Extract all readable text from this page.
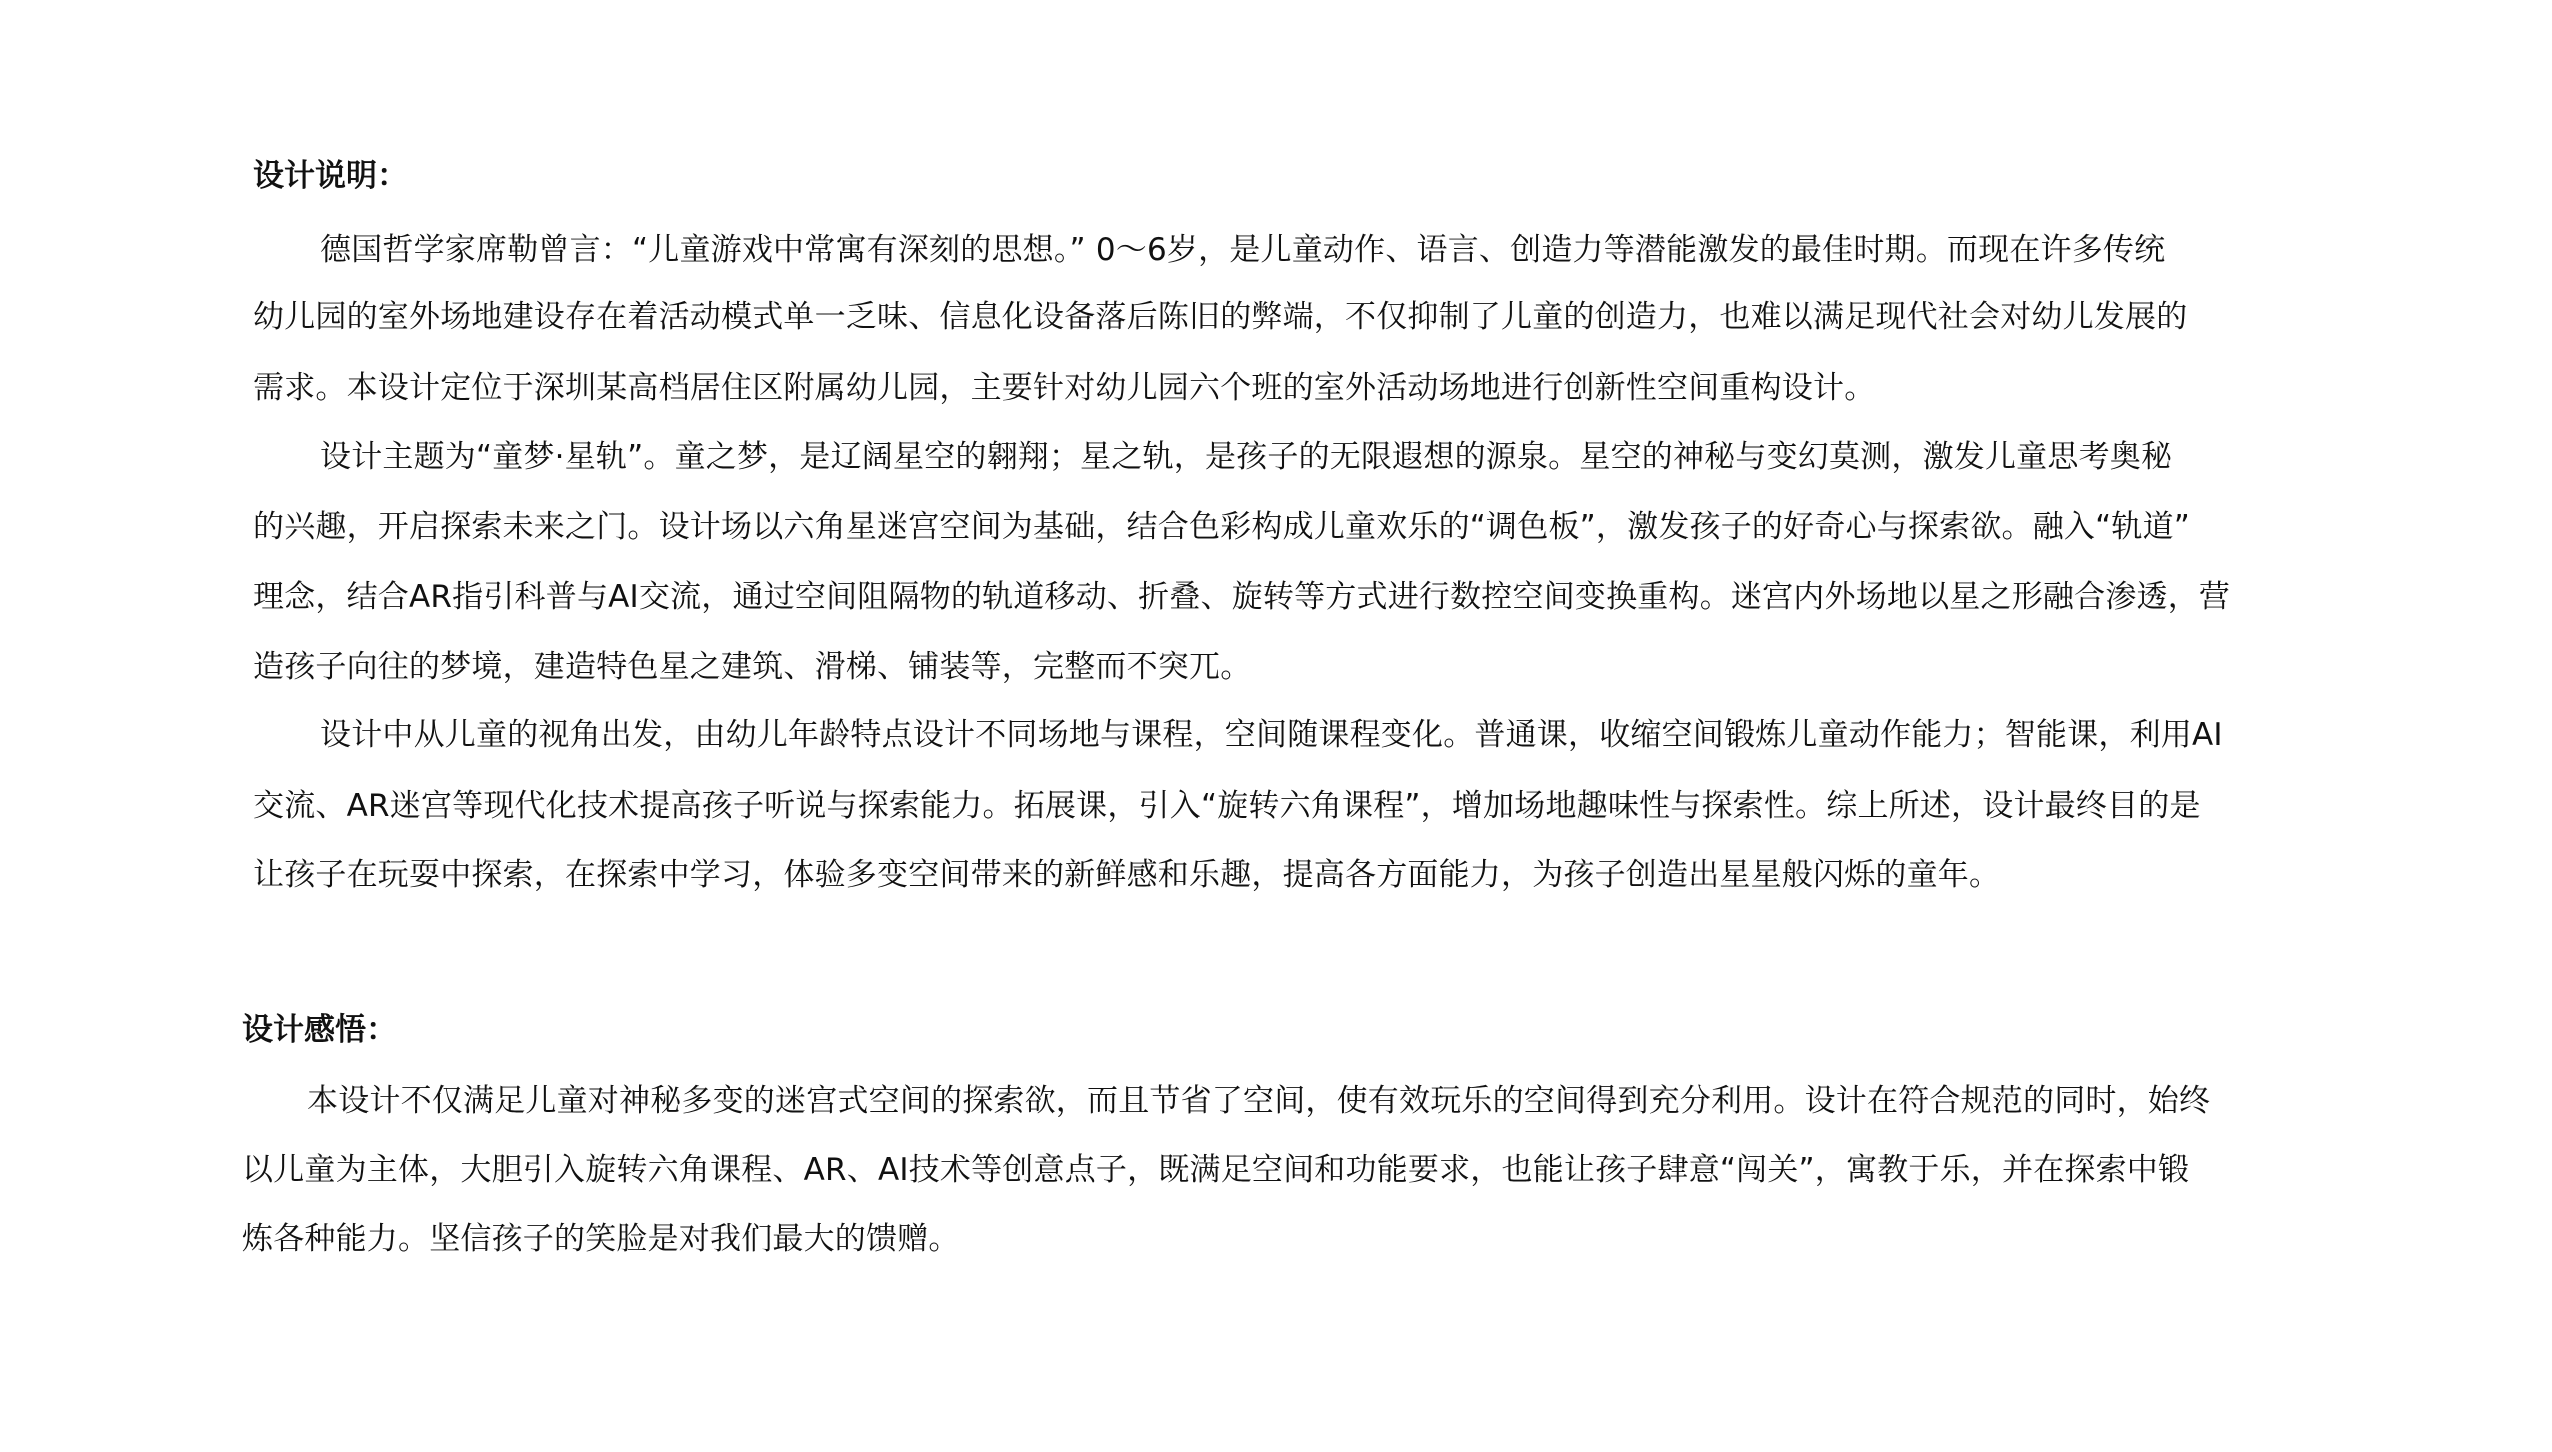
设计说明：
德国哲学家席勒曾言：“儿童游戏中常寓有深刻的思想。” 0～6岁，是儿童动作、语言、创造力等潜能激发的最佳时期。而现在许多传统
幼儿园的室外场地建设存在着活动模式单一乏味、信息化设备落后陈旧的弊端，不仅抑制了儿童的创造力，也难以满足现代社会对幼儿发展的
需求。本设计定位于深圳某高档居住区附属幼儿园，主要针对幼儿园六个班的室外活动场地进行创新性空间重构设计。
设计主题为“童梦·星轨”。童之梦，是辽阔星空的翱翔；星之轨，是孩子的无限遐想的源泉。星空的神秘与变幻莫测，激发儿童思考奥秘
的兴趣，开启探索未来之门。设计场以六角星迷宫空间为基础，结合色彩构成儿童欢乐的“调色板”，激发孩子的好奇心与探索欲。融入“轨道”
理念，结合AR指引科普与AI交流，通过空间阻隔物的轨道移动、折叠、旋转等方式进行数控空间变换重构。迷宫内外场地以星之形融合渗透，营
造孩子向往的梦境，建造特色星之建筑、滑梯、铺装等，完整而不突兀。
设计中从儿童的视角出发，由幼儿年龄特点设计不同场地与课程，空间随课程变化。普通课，收缩空间锻炼儿童动作能力；智能课，利用AI
交流、AR迷宫等现代化技术提高孩子听说与探索能力。拓展课，引入“旋转六角课程”，增加场地趣味性与探索性。综上所述，设计最终目的是
让孩子在玩耍中探索，在探索中学习，体验多变空间带来的新鲜感和乐趣，提高各方面能力，为孩子创造出星星般闪烁的童年。
设计感悟：
本设计不仅满足儿童对神秘多变的迷宫式空间的探索欲，而且节省了空间，使有效玩乐的空间得到充分利用。设计在符合规范的同时，始终
以儿童为主体，大胆引入旋转六角课程、AR、AI技术等创意点子，既满足空间和功能要求，也能让孩子肆意“闯关”，寓教于乐，并在探索中锻
炼各种能力。坚信孩子的笑脸是对我们最大的馈赠。
